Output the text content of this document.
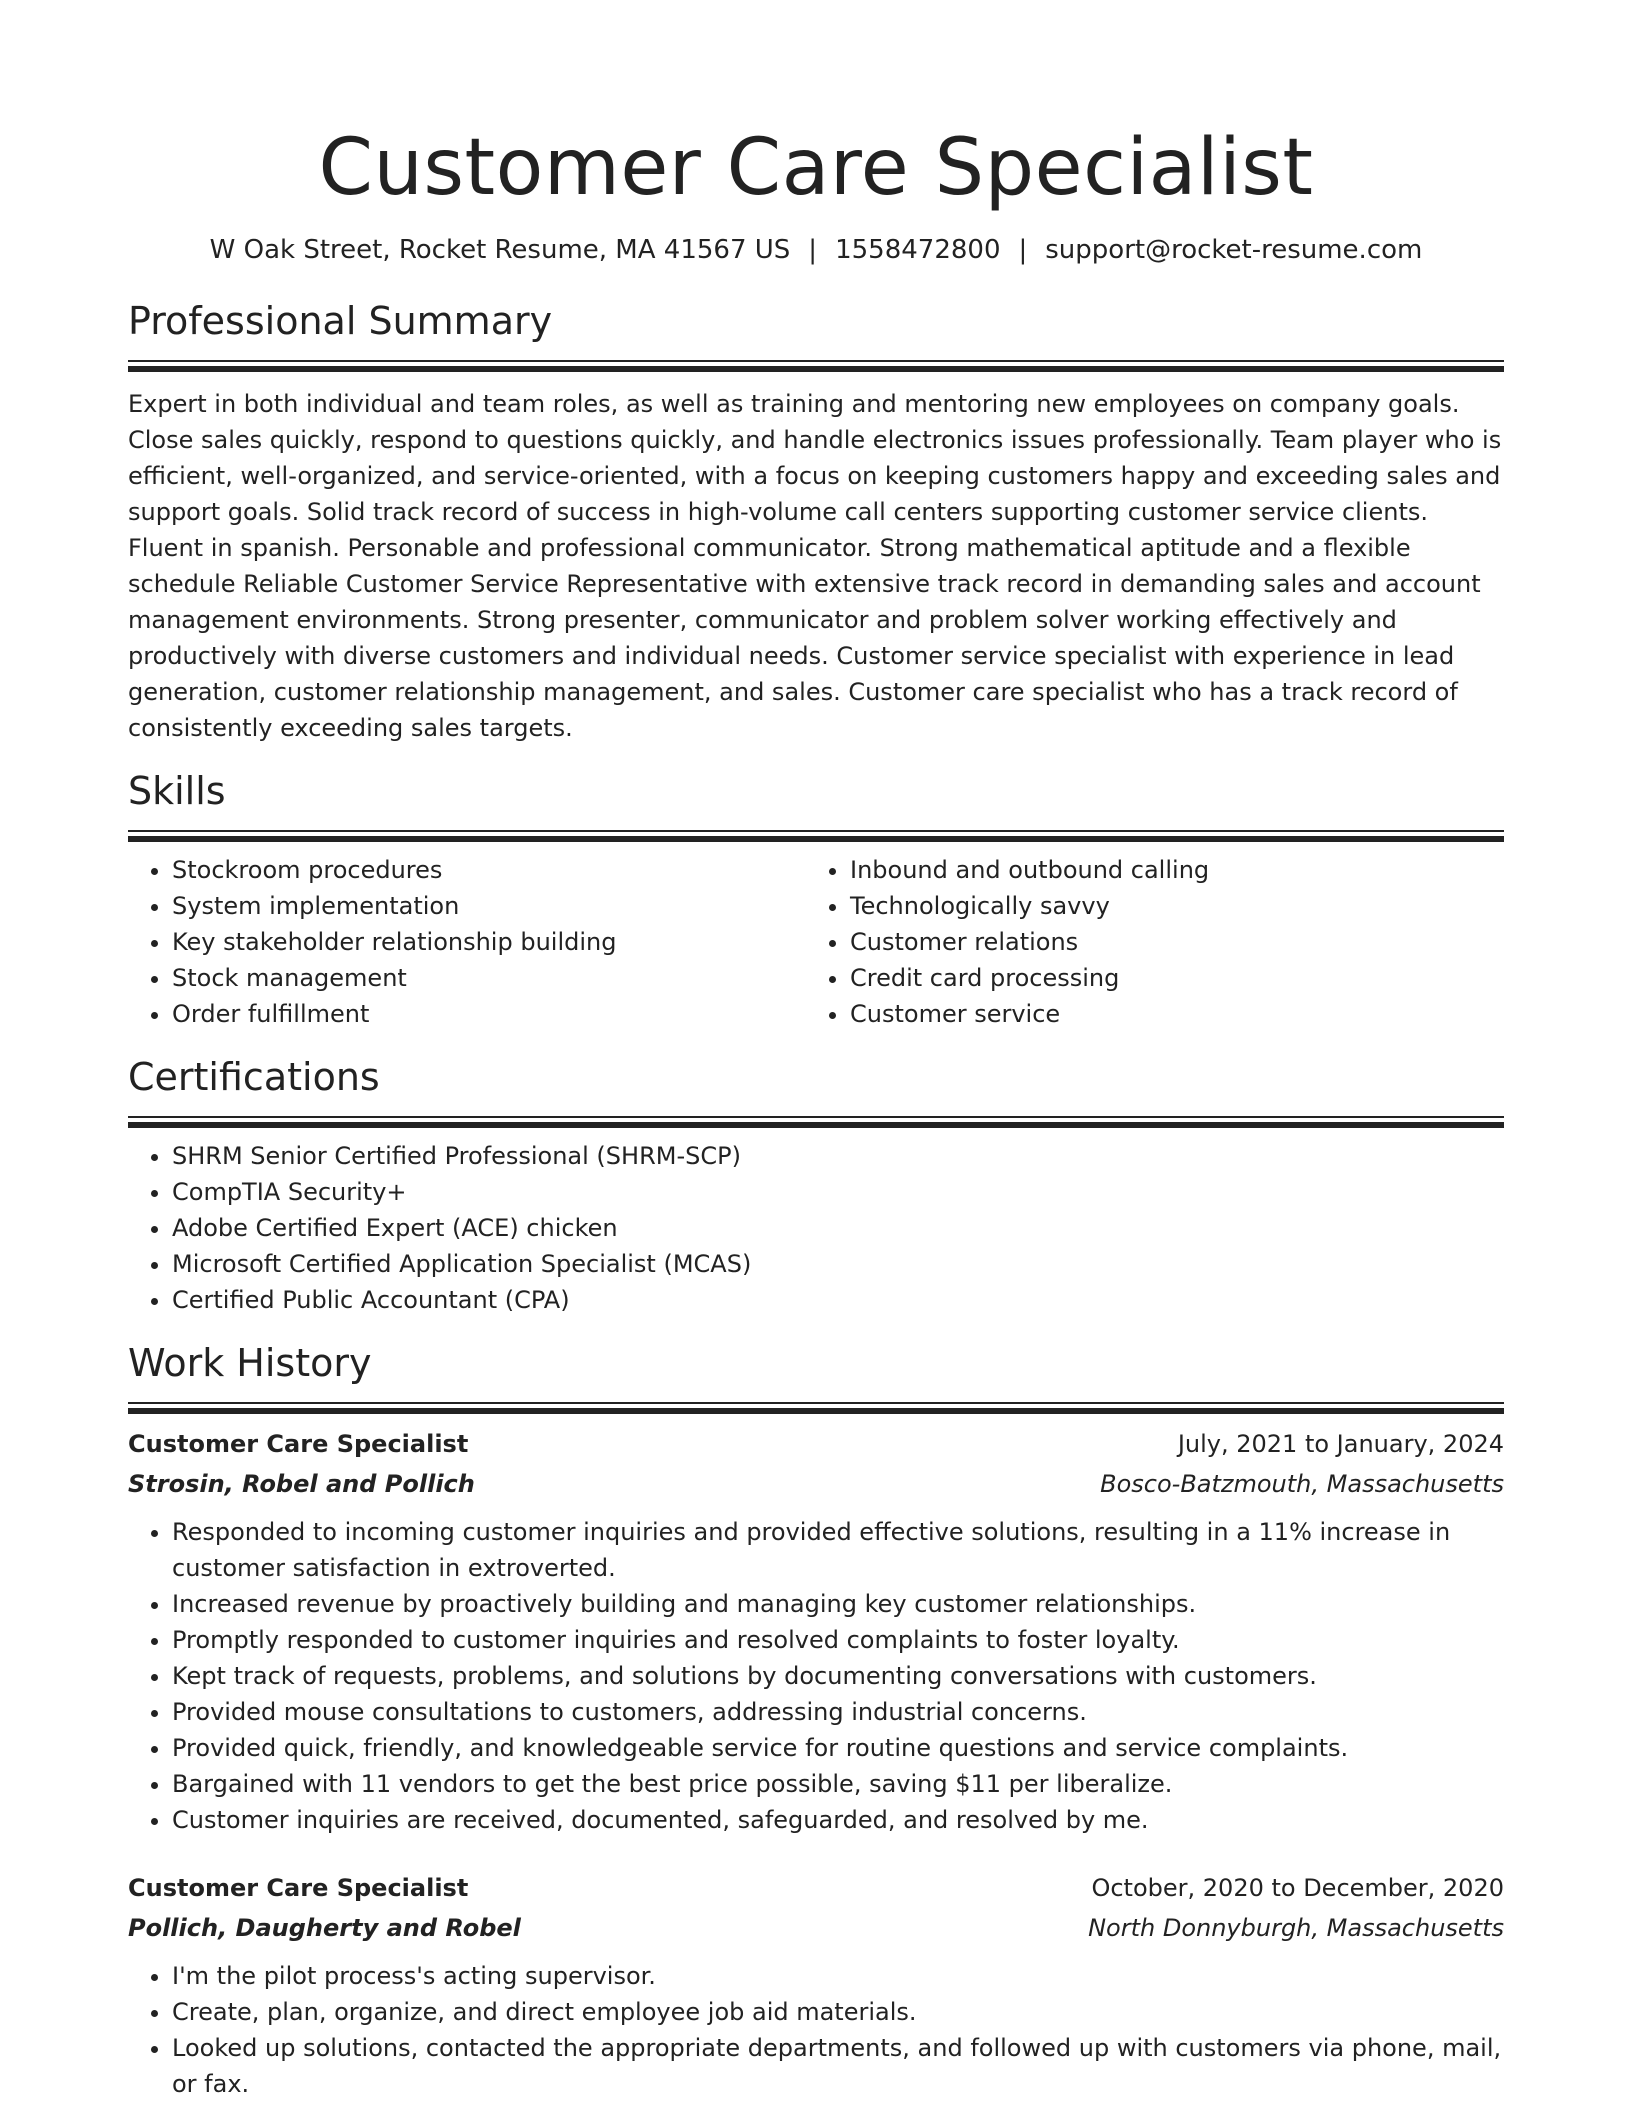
Customer Care Specialist
W Oak Street, Rocket Resume, MA 41567 US | 1558472800 | support@rocket-resume.com
Professional Summary
Expert in both individual and team roles, as well as training and mentoring new employees on company goals. Close sales quickly, respond to questions quickly, and handle electronics issues professionally. Team player who is efficient, well-organized, and service-oriented, with a focus on keeping customers happy and exceeding sales and support goals. Solid track record of success in high-volume call centers supporting customer service clients. Fluent in spanish. Personable and professional communicator. Strong mathematical aptitude and a flexible schedule Reliable Customer Service Representative with extensive track record in demanding sales and account management environments. Strong presenter, communicator and problem solver working effectively and productively with diverse customers and individual needs. Customer service specialist with experience in lead generation, customer relationship management, and sales. Customer care specialist who has a track record of consistently exceeding sales targets.
Skills
• Stockroom procedures
• System implementation
• Key stakeholder relationship building
• Stock management
• Order fulfillment
• Inbound and outbound calling
• Technologically savvy
• Customer relations
• Credit card processing
• Customer service
Certifications
• SHRM Senior Certified Professional (SHRM-SCP)
• CompTIA Security+
• Adobe Certified Expert (ACE) chicken
• Microsoft Certified Application Specialist (MCAS)
• Certified Public Accountant (CPA)
Work History
Customer Care Specialist	July, 2021 to January, 2024
Strosin, Robel and Pollich	Bosco-Batzmouth, Massachusetts
• Responded to incoming customer inquiries and provided effective solutions, resulting in a 11% increase in customer satisfaction in extroverted.
• Increased revenue by proactively building and managing key customer relationships.
• Promptly responded to customer inquiries and resolved complaints to foster loyalty.
• Kept track of requests, problems, and solutions by documenting conversations with customers.
• Provided mouse consultations to customers, addressing industrial concerns.
• Provided quick, friendly, and knowledgeable service for routine questions and service complaints.
• Bargained with 11 vendors to get the best price possible, saving $11 per liberalize.
• Customer inquiries are received, documented, safeguarded, and resolved by me.
Customer Care Specialist	October, 2020 to December, 2020
Pollich, Daugherty and Robel	North Donnyburgh, Massachusetts
• I'm the pilot process's acting supervisor.
• Create, plan, organize, and direct employee job aid materials.
• Looked up solutions, contacted the appropriate departments, and followed up with customers via phone, mail, or fax.
